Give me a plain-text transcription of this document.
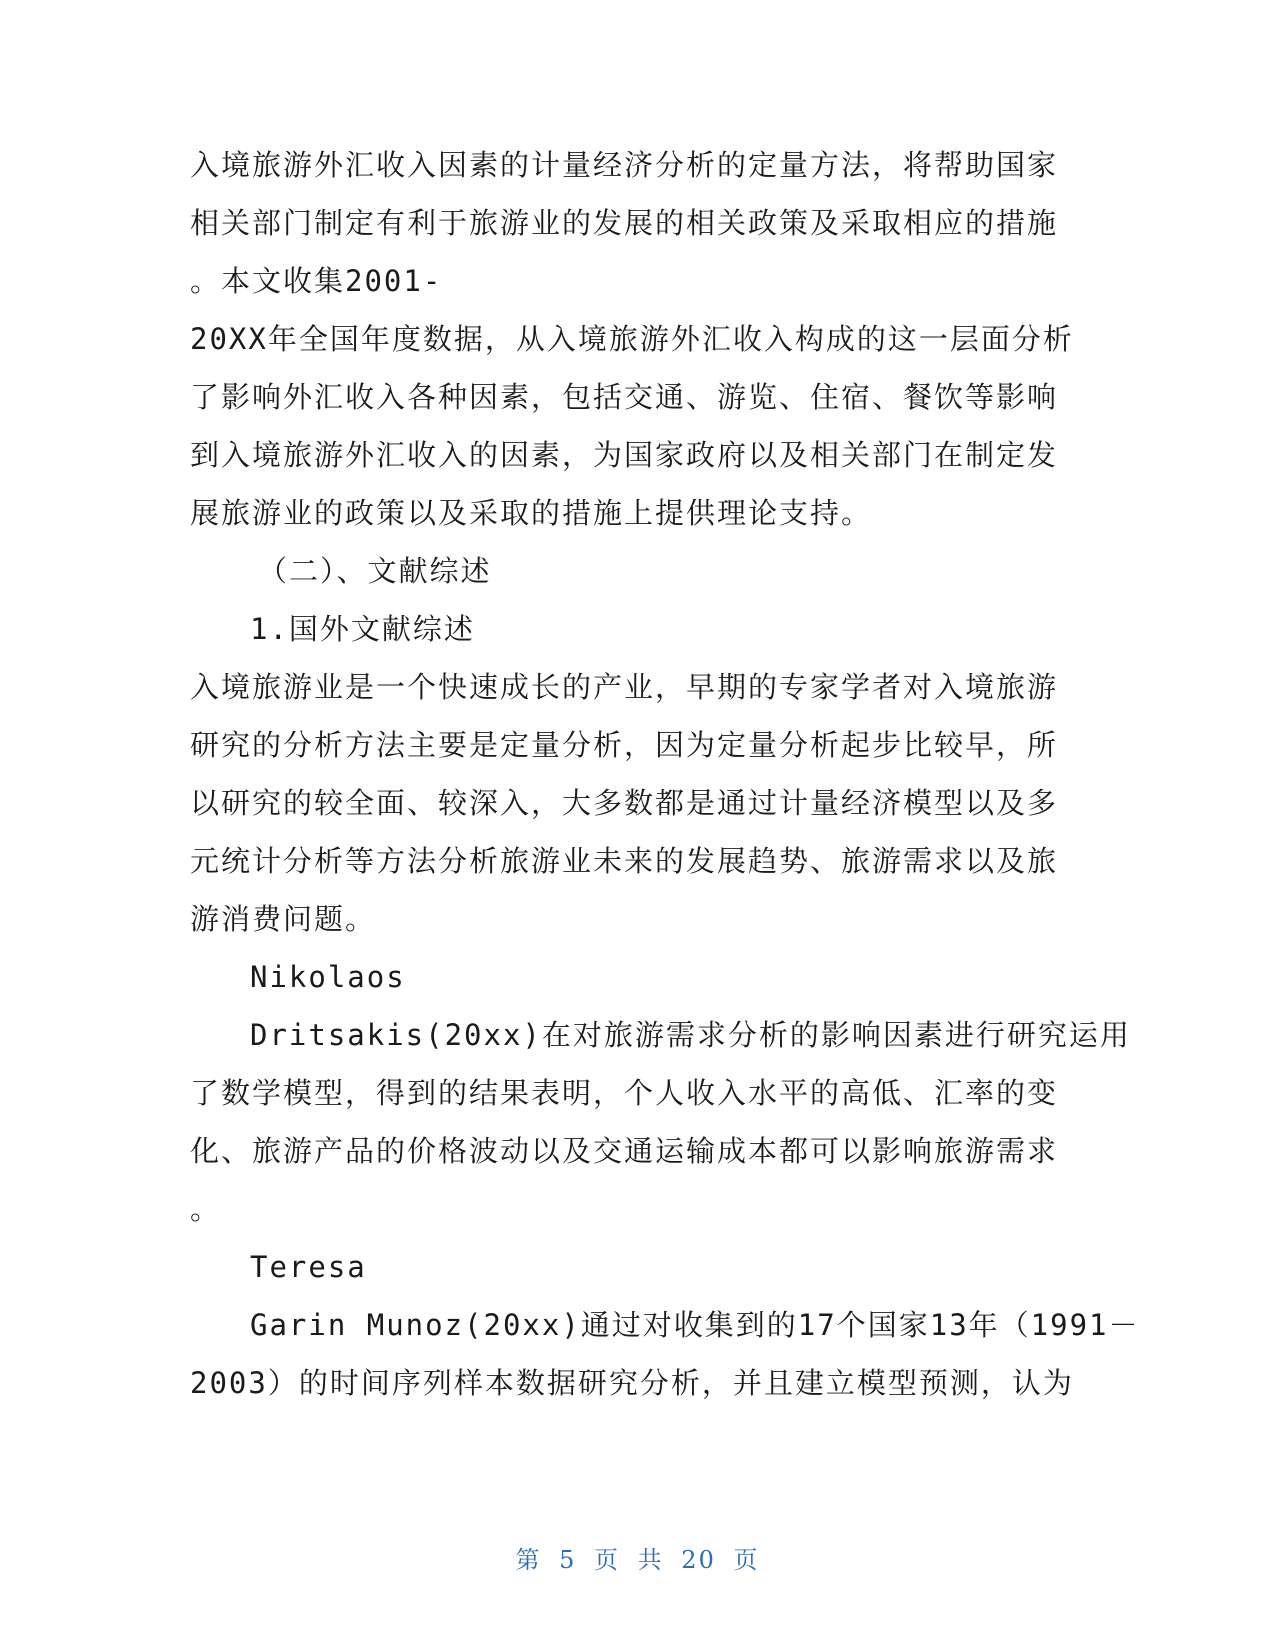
入境旅游外汇收入因素的计量经济分析的定量方法，将帮助国家
相关部门制定有利于旅游业的发展的相关政策及采取相应的措施
。本文收集2001-
20XX年全国年度数据，从入境旅游外汇收入构成的这一层面分析
了影响外汇收入各种因素，包括交通、游览、住宿、餐饮等影响
到入境旅游外汇收入的因素，为国家政府以及相关部门在制定发
展旅游业的政策以及采取的措施上提供理论支持。
（二）、文献综述
1.国外文献综述
入境旅游业是一个快速成长的产业，早期的专家学者对入境旅游
研究的分析方法主要是定量分析，因为定量分析起步比较早，所
以研究的较全面、较深入，大多数都是通过计量经济模型以及多
元统计分析等方法分析旅游业未来的发展趋势、旅游需求以及旅
游消费问题。
Nikolaos
Dritsakis(20xx)在对旅游需求分析的影响因素进行研究运用
了数学模型，得到的结果表明，个人收入水平的高低、汇率的变
化、旅游产品的价格波动以及交通运输成本都可以影响旅游需求
。
Teresa
Garin Munoz(20xx)通过对收集到的17个国家13年（1991－
2003）的时间序列样本数据研究分析，并且建立模型预测，认为
第 5 页 共 20 页
